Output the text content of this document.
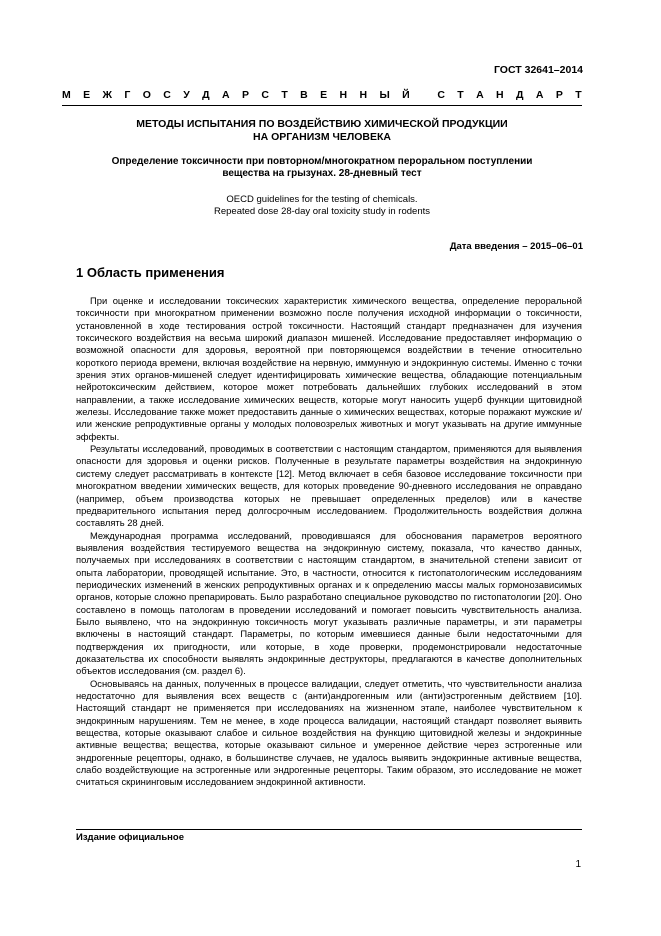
ГОСТ 32641–2014
М Е Ж Г О С У Д А Р С Т В Е Н Н Ы Й
	С Т А Н Д А Р Т
МЕТОДЫ ИСПЫТАНИЯ ПО ВОЗДЕЙСТВИЮ ХИМИЧЕСКОЙ ПРОДУКЦИИ
НА ОРГАНИЗМ ЧЕЛОВЕКА
Определение токсичности при повторном/многократном пероральном поступлении
вещества на грызунах. 28-дневный тест
OECD guidelines for the testing of chemicals.
Repeated dose 28-day oral toxicity study in rodents
Дата введения – 2015–06–01
1 Область применения

При оценке и исследовании токсических характеристик химического вещества, определение пероральной токсичности при многократном применении возможно после получения исходной информации о токсичности, установленной в ходе тестирования острой токсичности. Настоящий стандарт предназначен для изучения токсического воздействия на весьма широкий диапазон мишеней. Исследование предоставляет информацию о возможной опасности для здоровья, вероятной при повторяющемся воздействии в течение относительно короткого периода времени, включая воздействие на нервную, иммунную и эндокринную системы. Именно с точки зрения этих органов-мишеней следует идентифицировать химические вещества, обладающие потенциальным нейротоксическим действием, которое может потребовать дальнейших глубоких исследований в этом направлении, а также исследование химических веществ, которые могут наносить ущерб функции щитовидной железы. Исследование также может предоставить данные о химических веществах, которые поражают мужские и/или женские репродуктивные органы у молодых половозрелых животных и могут указывать на другие иммунные эффекты.

Результаты исследований, проводимых в соответствии с настоящим стандартом, применяются для выявления опасности для здоровья и оценки рисков. Полученные в результате параметры воздействия на эндокринную систему следует рассматривать в контексте [12]. Метод включает в себя базовое исследование токсичности при многократном введении химических веществ, для которых проведение 90-дневного исследования не оправдано (например, объем производства которых не превышает определенных пределов) или в качестве предварительного испытания перед долгосрочным исследованием. Продолжительность воздействия должна составлять 28 дней.

Международная программа исследований, проводившаяся для обоснования параметров вероятного выявления воздействия тестируемого вещества на эндокринную систему, показала, что качество данных, получаемых при исследованиях в соответствии с настоящим стандартом, в значительной степени зависит от опыта лаборатории, проводящей испытание. Это, в частности, относится к гистопатологическим исследованиям периодических изменений в женских репродуктивных органах и к определению массы малых гормонозависимых органов, которые сложно препарировать. Было разработано специальное руководство по гистопатологии [20]. Оно составлено в помощь патологам в проведении исследований и помогает повысить чувствительность анализа. Было выявлено, что на эндокринную токсичность могут указывать различные параметры, и эти параметры включены в настоящий стандарт. Параметры, по которым имевшиеся данные были недостаточными для подтверждения их пригодности, или которые, в ходе проверки, продемонстрировали недостаточные доказательства их способности выявлять эндокринные деструкторы, предлагаются в качестве дополнительных объектов исследования (см. раздел 6).

Основываясь на данных, полученных в процессе валидации, следует отметить, что чувствительности анализа недостаточно для выявления всех веществ с (анти)андрогенным или (анти)эстрогенным действием [10]. Настоящий стандарт не применяется при исследованиях на жизненном этапе, наиболее чувствительном к эндокринным нарушениям. Тем не менее, в ходе процесса валидации, настоящий стандарт позволяет выявить вещества, которые оказывают слабое и сильное воздействия на функцию щитовидной железы и эндокринные активные вещества; вещества, которые оказывают сильное и умеренное действие через эстрогенные или эндрогенные рецепторы, однако, в большинстве случаев, не удалось выявить эндокринные активные вещества, слабо воздействующие на эстрогенные или эндрогенные рецепторы. Таким образом, это исследование не может считаться скрининговым исследованием эндокринной активности.

Издание официальное
1
